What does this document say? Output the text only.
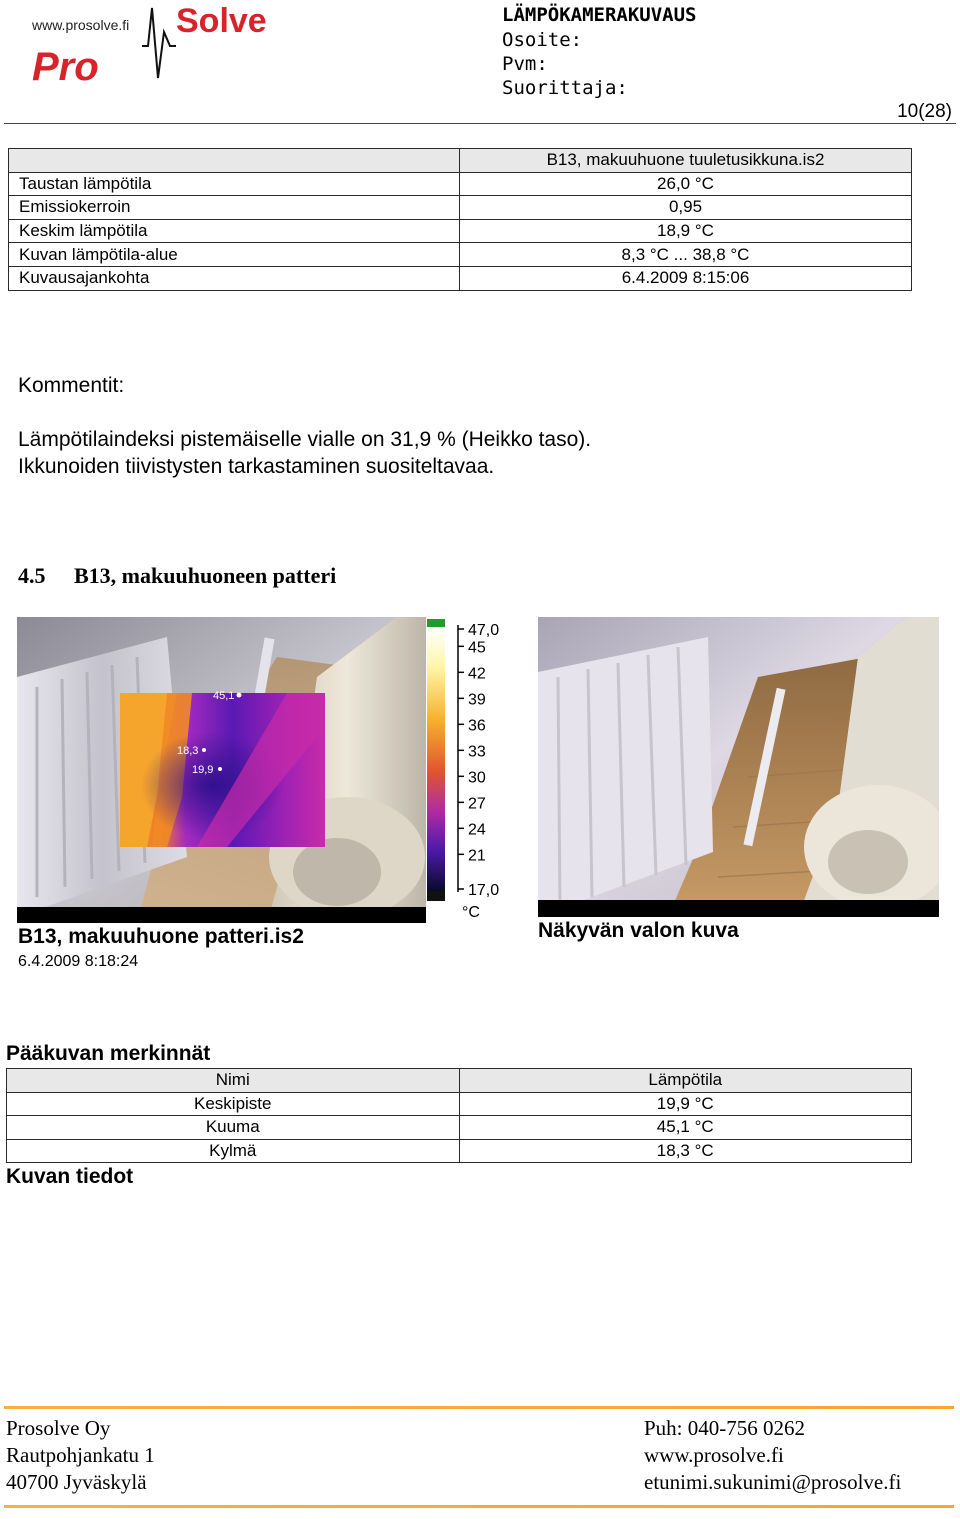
www.prosolve.fi Solve
Pro
LÄMPÖKAMERAKUVAUS
Osoite:
Pvm:
Suorittaja:
10(28)
	B13, makuuhuone tuuletusikkuna.is2
Taustan lämpötila	26,0 °C
Emissiokerroin	0,95
Keskim lämpötila	18,9 °C
Kuvan lämpötila-alue	8,3 °C ... 38,8 °C
Kuvausajankohta	6.4.2009 8:15:06
Kommentit:
Lämpötilaindeksi pistemäiselle vialle on 31,9 % (Heikko taso).
Ikkunoiden tiivistysten tarkastaminen suositeltavaa.
4.5 B13, makuuhuoneen patteri
45,1
18,3
19,9
47,0
45
42
39
36
33
30
27
24
21
17,0
°C
B13, makuuhuone patteri.is2
6.4.2009 8:18:24
Näkyvän valon kuva
Pääkuvan merkinnät
Nimi	Lämpötila
Keskipiste	19,9 °C
Kuuma	45,1 °C
Kylmä	18,3 °C
Kuvan tiedot
Prosolve Oy
Rautpohjankatu 1
40700 Jyväskylä
Puh: 040-756 0262
www.prosolve.fi
etunimi.sukunimi@prosolve.fi
